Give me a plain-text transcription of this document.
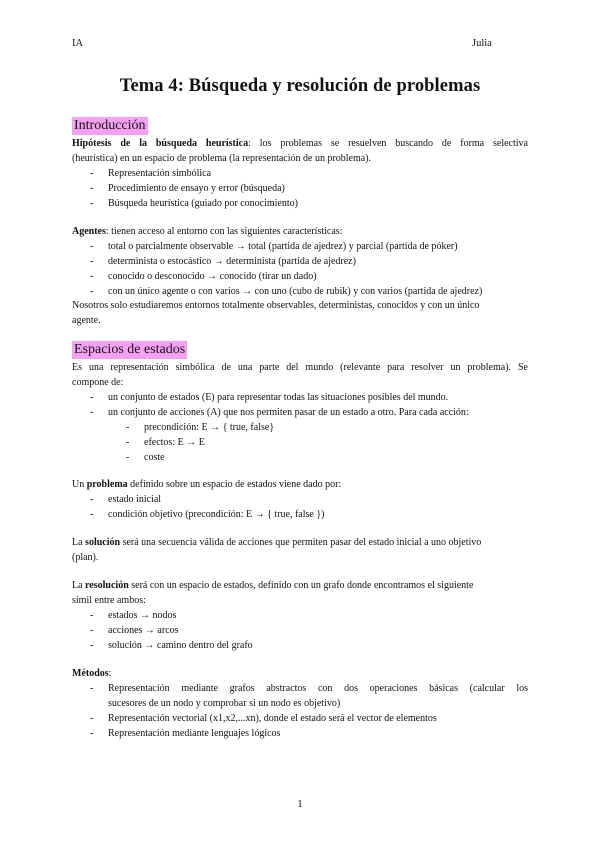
IA	Julia
Tema 4: Búsqueda y resolución de problemas
Introducción
Hipótesis de la búsqueda heurística: los problemas se resuelven buscando de forma selectiva
(heurística) en un espacio de problema (la representación de un problema).
- Representación simbólica
- Procedimiento de ensayo y error (búsqueda)
- Búsqueda heurística (guiado por conocimiento)
Agentes: tienen acceso al entorno con las siguientes características:
- total o parcialmente observable → total (partida de ajedrez) y parcial (partida de póker)
- determinista o estocástico → determinista (partida de ajedrez)
- conocido o desconocido → conocido (tirar un dado)
- con un único agente o con varios → con uno (cubo de rubik) y con varios (partida de ajedrez)
Nosotros solo estudiaremos entornos totalmente observables, deterministas, conocidos y con un único
agente.
Espacios de estados
Es una representación simbólica de una parte del mundo (relevante para resolver un problema). Se
compone de:
- un conjunto de estados (E) para representar todas las situaciones posibles del mundo.
- un conjunto de acciones (A) que nos permiten pasar de un estado a otro. Para cada acción:
- precondición: E → { true, false}
- efectos: E → E
- coste
Un problema definido sobre un espacio de estados viene dado por:
- estado inicial
- condición objetivo (precondición: E → { true, false })
La solución será una secuencia válida de acciones que permiten pasar del estado inicial a uno objetivo
(plan).
La resolución será con un espacio de estados, definido con un grafo donde encontramos el siguiente
símil entre ambos:
- estados → nodos
- acciones → arcos
- solución → camino dentro del grafo
Métodos:
- Representación mediante grafos abstractos con dos operaciones básicas (calcular los
sucesores de un nodo y comprobar si un nodo es objetivo)
- Representación vectorial (x1,x2,...xn), donde el estado será el vector de elementos
- Representación mediante lenguajes lógicos
1
